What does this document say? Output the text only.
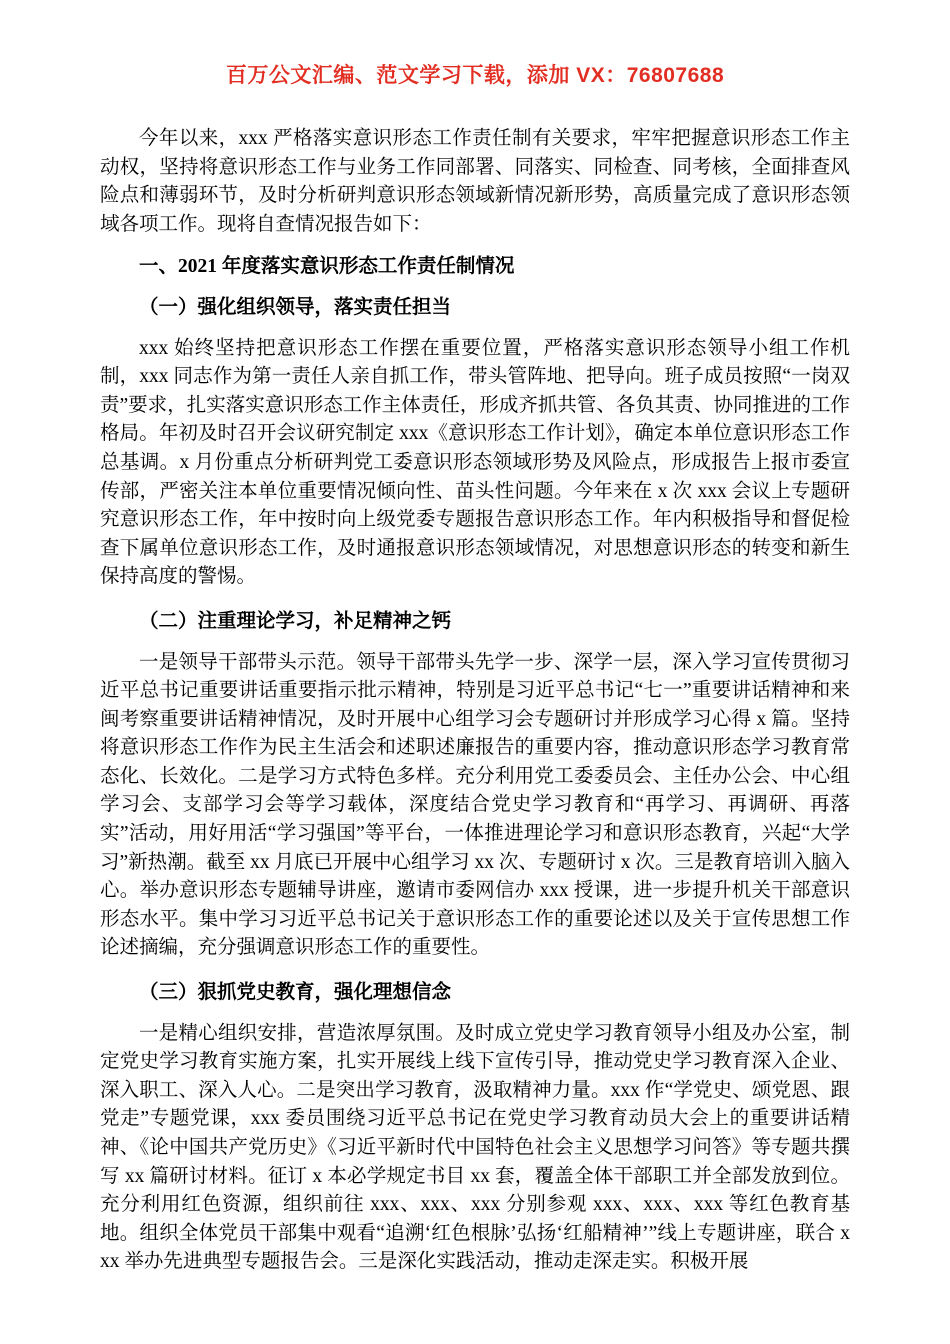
百万公文汇编、范文学习下载，添加 VX：76807688

今年以来，xxx 严格落实意识形态工作责任制有关要求，牢牢把握意识形态工作主动权，坚持将意识形态工作与业务工作同部署、同落实、同检查、同考核，全面排查风险点和薄弱环节，及时分析研判意识形态领域新情况新形势，高质量完成了意识形态领域各项工作。现将自查情况报告如下：

一、2021 年度落实意识形态工作责任制情况
（一）强化组织领导，落实责任担当

xxx 始终坚持把意识形态工作摆在重要位置，严格落实意识形态领导小组工作机制，xxx 同志作为第一责任人亲自抓工作，带头管阵地、把导向。班子成员按照“一岗双责”要求，扎实落实意识形态工作主体责任，形成齐抓共管、各负其责、协同推进的工作格局。年初及时召开会议研究制定 xxx《意识形态工作计划》，确定本单位意识形态工作总基调。x 月份重点分析研判党工委意识形态领域形势及风险点，形成报告上报市委宣传部，严密关注本单位重要情况倾向性、苗头性问题。今年来在 x 次 xxx 会议上专题研究意识形态工作，年中按时向上级党委专题报告意识形态工作。年内积极指导和督促检查下属单位意识形态工作，及时通报意识形态领域情况，对思想意识形态的转变和新生保持高度的警惕。

（二）注重理论学习，补足精神之钙

一是领导干部带头示范。领导干部带头先学一步、深学一层，深入学习宣传贯彻习近平总书记重要讲话重要指示批示精神，特别是习近平总书记“七一”重要讲话精神和来闽考察重要讲话精神情况，及时开展中心组学习会专题研讨并形成学习心得 x 篇。坚持将意识形态工作作为民主生活会和述职述廉报告的重要内容，推动意识形态学习教育常态化、长效化。二是学习方式特色多样。充分利用党工委委员会、主任办公会、中心组学习会、支部学习会等学习载体，深度结合党史学习教育和“再学习、再调研、再落实”活动，用好用活“学习强国”等平台，一体推进理论学习和意识形态教育，兴起“大学习”新热潮。截至 xx 月底已开展中心组学习 xx 次、专题研讨 x 次。三是教育培训入脑入心。举办意识形态专题辅导讲座，邀请市委网信办 xxx 授课，进一步提升机关干部意识形态水平。集中学习习近平总书记关于意识形态工作的重要论述以及关于宣传思想工作论述摘编，充分强调意识形态工作的重要性。

（三）狠抓党史教育，强化理想信念

一是精心组织安排，营造浓厚氛围。及时成立党史学习教育领导小组及办公室，制定党史学习教育实施方案，扎实开展线上线下宣传引导，推动党史学习教育深入企业、深入职工、深入人心。二是突出学习教育，汲取精神力量。xxx 作“学党史、颂党恩、跟党走”专题党课，xxx 委员围绕习近平总书记在党史学习教育动员大会上的重要讲话精神、《论中国共产党历史》《习近平新时代中国特色社会主义思想学习问答》等专题共撰写 xx 篇研讨材料。征订 x 本必学规定书目 xx 套，覆盖全体干部职工并全部发放到位。充分利用红色资源，组织前往 xxx、xxx、xxx 分别参观 xxx、xxx、xxx 等红色教育基地。组织全体党员干部集中观看“追溯‘红色根脉’弘扬‘红船精神’”线上专题讲座，联合 xxx 举办先进典型专题报告会。三是深化实践活动，推动走深走实。积极开展
